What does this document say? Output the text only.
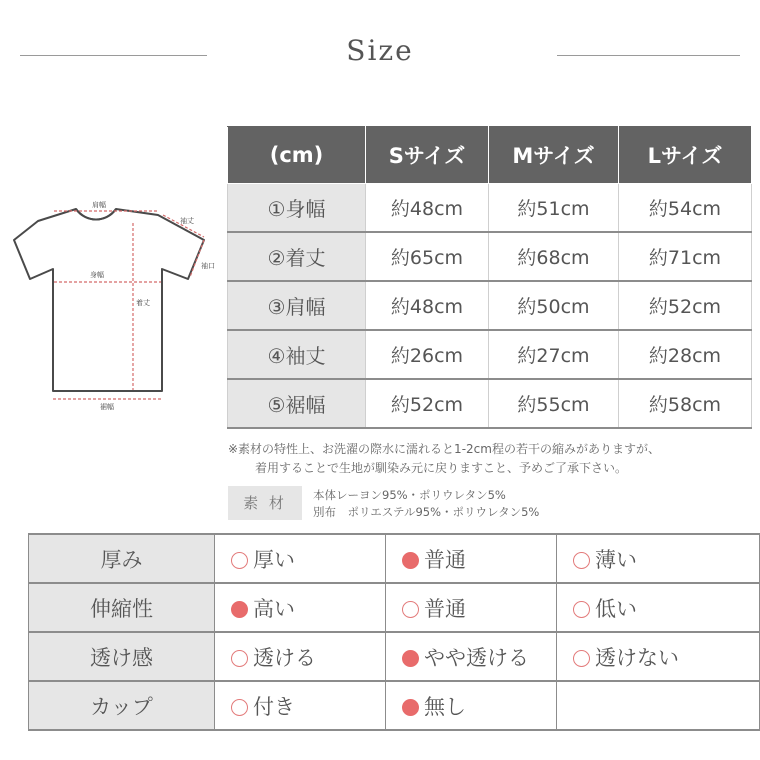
Size
肩幅
袖丈
袖口
身幅
着丈
裾幅
(cm)	Sサイズ	Mサイズ	Lサイズ
①身幅	約48cm	約51cm	約54cm
②着丈	約65cm	約68cm	約71cm
③肩幅	約48cm	約50cm	約52cm
④袖丈	約26cm	約27cm	約28cm
⑤裾幅	約52cm	約55cm	約58cm
※素材の特性上、お洗濯の際水に濡れると1-2cm程の若干の縮みがありますが、
着用することで生地が馴染み元に戻りますこと、予めご了承下さい。
素 材	本体レーヨン95%・ポリウレタン5%
別布　ポリエステル95%・ポリウレタン5%
厚み	厚い	普通	薄い
伸縮性	高い	普通	低い
透け感	透ける	やや透ける	透けない
カップ	付き	無し	
